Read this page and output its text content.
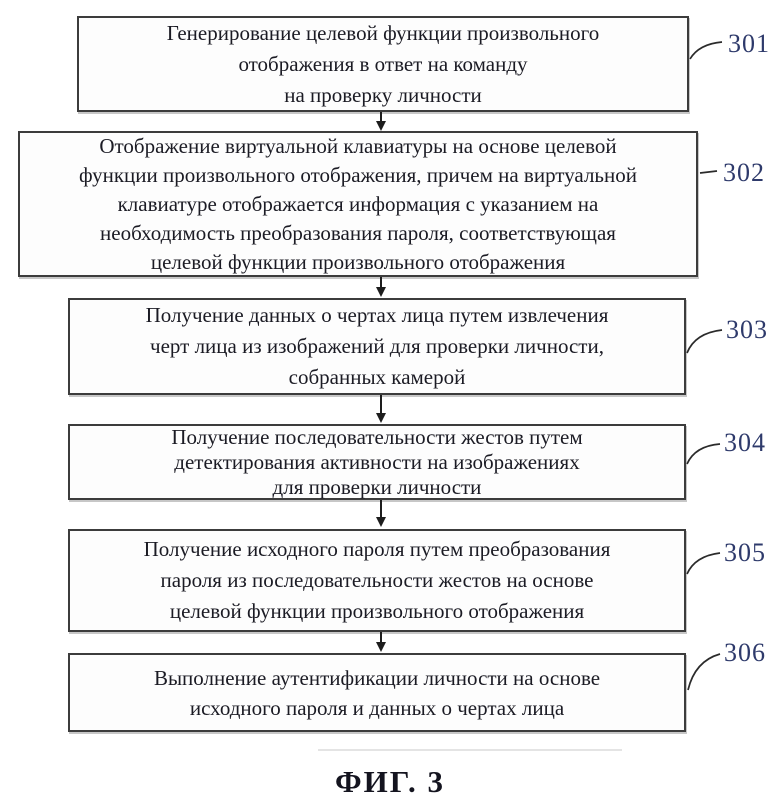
Генерирование целевой функции произвольного
отображения в ответ на команду
на проверку личности
Отображение виртуальной клавиатуры на основе целевой
функции произвольного отображения, причем на виртуальной
клавиатуре отображается информация с указанием на
необходимость преобразования пароля, соответствующая
целевой функции произвольного отображения
Получение данных о чертах лица путем извлечения
черт лица из изображений для проверки личности,
собранных камерой
Получение последовательности жестов путем
детектирования активности на изображениях
для проверки личности
Получение исходного пароля путем преобразования
пароля из последовательности жестов на основе
целевой функции произвольного отображения
Выполнение аутентификации личности на основе
исходного пароля и данных о чертах лица
301
302
303
304
305
306
ФИГ. 3
